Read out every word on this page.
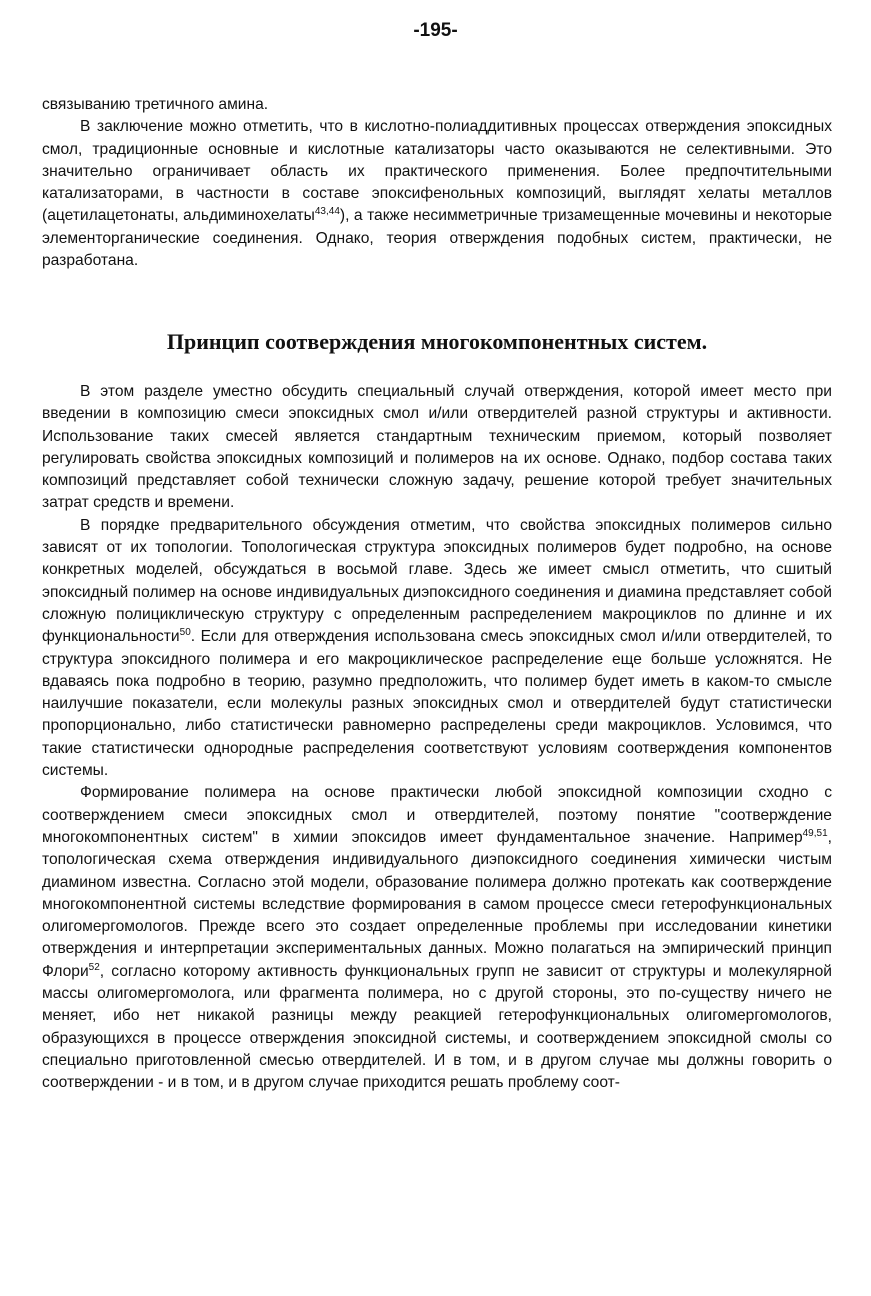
-195-

связыванию третичного амина.

В заключение можно отметить, что в кислотно-полиаддитивных процессах отверждения эпоксидных смол, традиционные основные и кислотные катализаторы часто оказываются не селективными. Это значительно ограничивает область их практического применения. Более предпочтительными катализаторами, в частности в составе эпоксифенольных композиций, выглядят хелаты металлов (ацетилацетонаты, альдиминохелаты$^{43,44}$), а также несимметричные тризамещенные мочевины и некоторые элементорганические соединения. Однако, теория отверждения подобных систем, практически, не разработана.

Принцип соотверждения многокомпонентных систем.

В этом разделе уместно обсудить специальный случай отверждения, которой имеет место при введении в композицию смеси эпоксидных смол и/или отвердителей разной структуры и активности. Использование таких смесей является стандартным техническим приемом, который позволяет регулировать свойства эпоксидных композиций и полимеров на их основе. Однако, подбор состава таких композиций представляет собой технически сложную задачу, решение которой требует значительных затрат средств и времени.

В порядке предварительного обсуждения отметим, что свойства эпоксидных полимеров сильно зависят от их топологии. Топологическая структура эпоксидных полимеров будет подробно, на основе конкретных моделей, обсуждаться в восьмой главе. Здесь же имеет смысл отметить, что сшитый эпоксидный полимер на основе индивидуальных диэпоксидного соединения и диамина представляет собой сложную полициклическую структуру с определенным распределением макроциклов по длинне и их функциональности$^{50}$. Если для отверждения использована смесь эпоксидных смол и/или отвердителей, то структура эпоксидного полимера и его макроциклическое распределение еще больше усложнятся. Не вдаваясь пока подробно в теорию, разумно предположить, что полимер будет иметь в каком-то смысле наилучшие показатели, если молекулы разных эпоксидных смол и отвердителей будут статистически пропорционально, либо статистически равномерно распределены среди макроциклов. Условимся, что такие статистически однородные распределения соответствуют условиям соотверждения компонентов системы.

Формирование полимера на основе практически любой эпоксидной композиции сходно с соотверждением смеси эпоксидных смол и отвердителей, поэтому понятие "соотверждение многокомпонентных систем" в химии эпоксидов имеет фундаментальное значение. Например$^{49,51}$, топологическая схема отверждения индивидуального диэпоксидного соединения химически чистым диамином известна. Согласно этой модели, образование полимера должно протекать как соотверждение многокомпонентной системы вследствие формирования в самом процессе смеси гетерофункциональных олигомергомологов. Прежде всего это создает определенные проблемы при исследовании кинетики отверждения и интерпретации экспериментальных данных. Можно полагаться на эмпирический принцип Флори$^{52}$, согласно которому активность функциональных групп не зависит от структуры и молекулярной массы олигомергомолога, или фрагмента полимера, но с другой стороны, это по-существу ничего не меняет, ибо нет никакой разницы между реакцией гетерофункциональных олигомергомологов, образующихся в процессе отверждения эпоксидной системы, и соотверждением эпоксидной смолы со специально приготовленной смесью отвердителей. И в том, и в другом случае мы должны говорить о соотверждении - и в том, и в другом случае приходится решать проблему соот-
